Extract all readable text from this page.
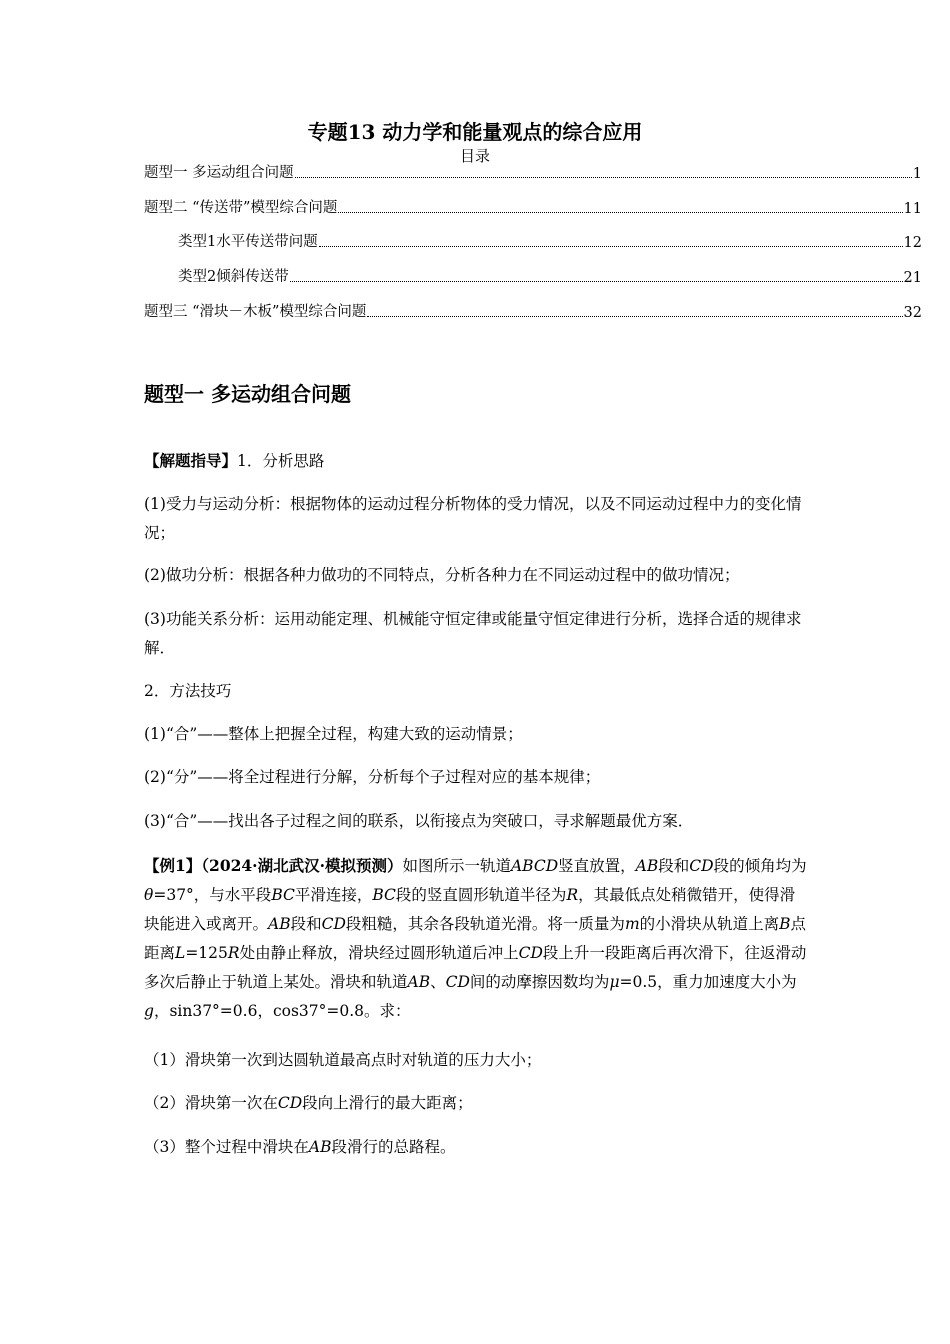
专题13 动力学和能量观点的综合应用
目录
题型一 多运动组合问题	1
题型二 “传送带”模型综合问题	11
类型1水平传送带问题	12
类型2倾斜传送带	21
题型三 “滑块－木板”模型综合问题	32
题型一 多运动组合问题
【解题指导】1．分析思路
(1)受力与运动分析：根据物体的运动过程分析物体的受力情况，以及不同运动过程中力的变化情况；
(2)做功分析：根据各种力做功的不同特点，分析各种力在不同运动过程中的做功情况；
(3)功能关系分析：运用动能定理、机械能守恒定律或能量守恒定律进行分析，选择合适的规律求解．
2．方法技巧
(1)“合”——整体上把握全过程，构建大致的运动情景；
(2)“分”——将全过程进行分解，分析每个子过程对应的基本规律；
(3)“合”——找出各子过程之间的联系，以衔接点为突破口，寻求解题最优方案．
【例1】（2024·湖北武汉·模拟预测）如图所示一轨道ABCD竖直放置，AB段和CD段的倾角均为θ=37°，与水平段BC平滑连接，BC段的竖直圆形轨道半径为R，其最低点处稍微错开，使得滑块能进入或离开。AB段和CD段粗糙，其余各段轨道光滑。将一质量为m的小滑块从轨道上离B点距离L=125R处由静止释放，滑块经过圆形轨道后冲上CD段上升一段距离后再次滑下，往返滑动多次后静止于轨道上某处。滑块和轨道AB、CD间的动摩擦因数均为μ=0.5，重力加速度大小为g，sin37°=0.6，cos37°=0.8。求：
（1）滑块第一次到达圆轨道最高点时对轨道的压力大小；
（2）滑块第一次在CD段向上滑行的最大距离；
（3）整个过程中滑块在AB段滑行的总路程。
